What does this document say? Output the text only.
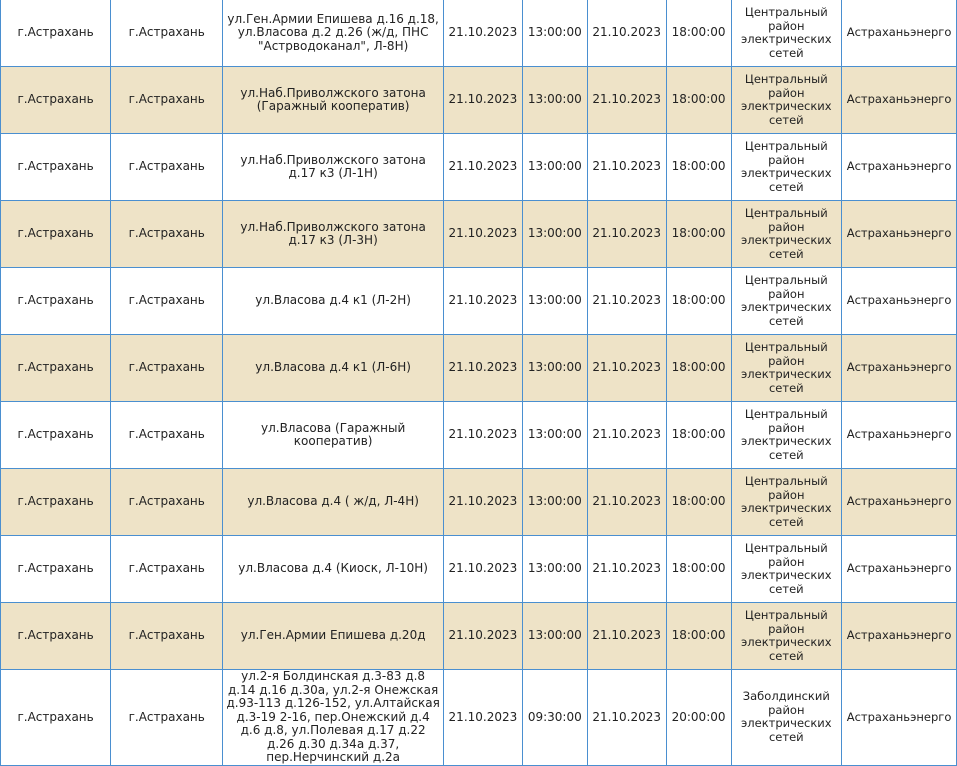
г.Астрахань	г.Астрахань	ул.Ген.Армии Епишева д.16 д.18, ул.Власова д.2 д.26 (ж/д, ПНС "Астрводоканал", Л-8Н)	21.10.2023	13:00:00	21.10.2023	18:00:00	Центральный район электрических сетей	Астраханьэнерго
г.Астрахань	г.Астрахань	ул.Наб.Приволжского затона (Гаражный кооператив)	21.10.2023	13:00:00	21.10.2023	18:00:00	Центральный район электрических сетей	Астраханьэнерго
г.Астрахань	г.Астрахань	ул.Наб.Приволжского затона д.17 к3 (Л-1Н)	21.10.2023	13:00:00	21.10.2023	18:00:00	Центральный район электрических сетей	Астраханьэнерго
г.Астрахань	г.Астрахань	ул.Наб.Приволжского затона д.17 к3 (Л-3Н)	21.10.2023	13:00:00	21.10.2023	18:00:00	Центральный район электрических сетей	Астраханьэнерго
г.Астрахань	г.Астрахань	ул.Власова д.4 к1 (Л-2Н)	21.10.2023	13:00:00	21.10.2023	18:00:00	Центральный район электрических сетей	Астраханьэнерго
г.Астрахань	г.Астрахань	ул.Власова д.4 к1 (Л-6Н)	21.10.2023	13:00:00	21.10.2023	18:00:00	Центральный район электрических сетей	Астраханьэнерго
г.Астрахань	г.Астрахань	ул.Власова (Гаражный кооператив)	21.10.2023	13:00:00	21.10.2023	18:00:00	Центральный район электрических сетей	Астраханьэнерго
г.Астрахань	г.Астрахань	ул.Власова д.4 ( ж/д, Л-4Н)	21.10.2023	13:00:00	21.10.2023	18:00:00	Центральный район электрических сетей	Астраханьэнерго
г.Астрахань	г.Астрахань	ул.Власова д.4 (Киоск, Л-10Н)	21.10.2023	13:00:00	21.10.2023	18:00:00	Центральный район электрических сетей	Астраханьэнерго
г.Астрахань	г.Астрахань	ул.Ген.Армии Епишева д.20д	21.10.2023	13:00:00	21.10.2023	18:00:00	Центральный район электрических сетей	Астраханьэнерго
г.Астрахань	г.Астрахань	ул.2-я Болдинская д.3-83 д.8 д.14 д.16 д.30а, ул.2-я Онежская д.93-113 д.126-152, ул.Алтайская д.3-19 2-16, пер.Онежский д.4 д.6 д.8, ул.Полевая д.17 д.22 д.26 д.30 д.34а д.37, пер.Нерчинский д.2а	21.10.2023	09:30:00	21.10.2023	20:00:00	Заболдинский район электрических сетей	Астраханьэнерго
